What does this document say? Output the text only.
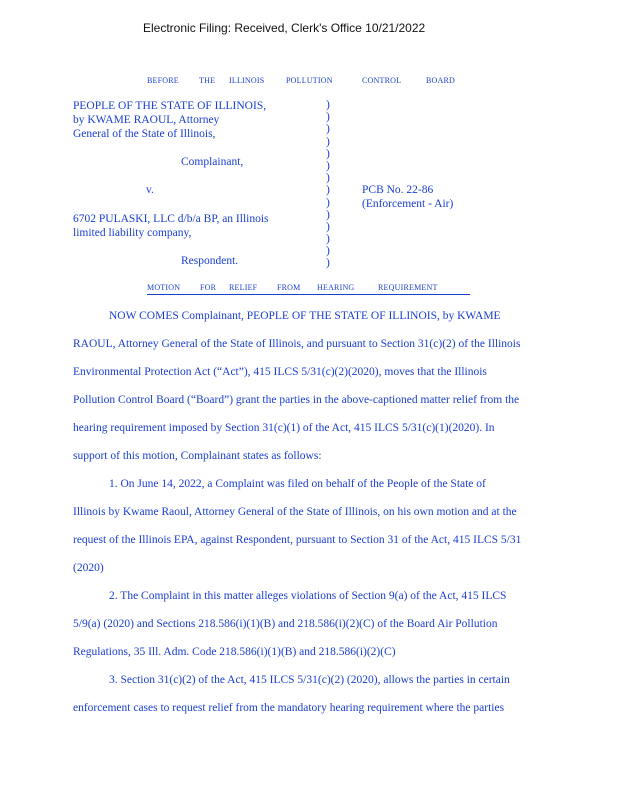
Electronic Filing: Received, Clerk's Office 10/21/2022
BEFORE	THE ILLINOIS	POLLUTION	CONTROL	BOARD
PEOPLE OF THE STATE OF ILLINOIS,
by KWAME RAOUL, Attorney
General of the State of Illinois,
Complainant,
v.
6702 PULASKI, LLC d/b/a BP, an Illinois
limited liability company,
Respondent.
)
)
)
)
)
)
)
)
)
)
)
)
)
)
PCB No. 22-86
(Enforcement - Air)
MOTION FOR RELIEF FROM HEARING	REQUIREMENT
NOW COMES Complainant, PEOPLE OF THE STATE OF ILLINOIS, by KWAME
RAOUL, Attorney General of the State of Illinois, and pursuant to Section 31(c)(2) of the Illinois
Environmental Protection Act (“Act”), 415 ILCS 5/31(c)(2)(2020), moves that the Illinois
Pollution Control Board (“Board”) grant the parties in the above-captioned matter relief from the
hearing requirement imposed by Section 31(c)(1) of the Act, 415 ILCS 5/31(c)(1)(2020). In
support of this motion, Complainant states as follows:
1. On June 14, 2022, a Complaint was filed on behalf of the People of the State of
Illinois by Kwame Raoul, Attorney General of the State of Illinois, on his own motion and at the
request of the Illinois EPA, against Respondent, pursuant to Section 31 of the Act, 415 ILCS 5/31
(2020)
2. The Complaint in this matter alleges violations of Section 9(a) of the Act, 415 ILCS
5/9(a) (2020) and Sections 218.586(i)(1)(B) and 218.586(i)(2)(C) of the Board Air Pollution
Regulations, 35 Ill. Adm. Code 218.586(i)(1)(B) and 218.586(i)(2)(C)
3. Section 31(c)(2) of the Act, 415 ILCS 5/31(c)(2) (2020), allows the parties in certain
enforcement cases to request relief from the mandatory hearing requirement where the parties
